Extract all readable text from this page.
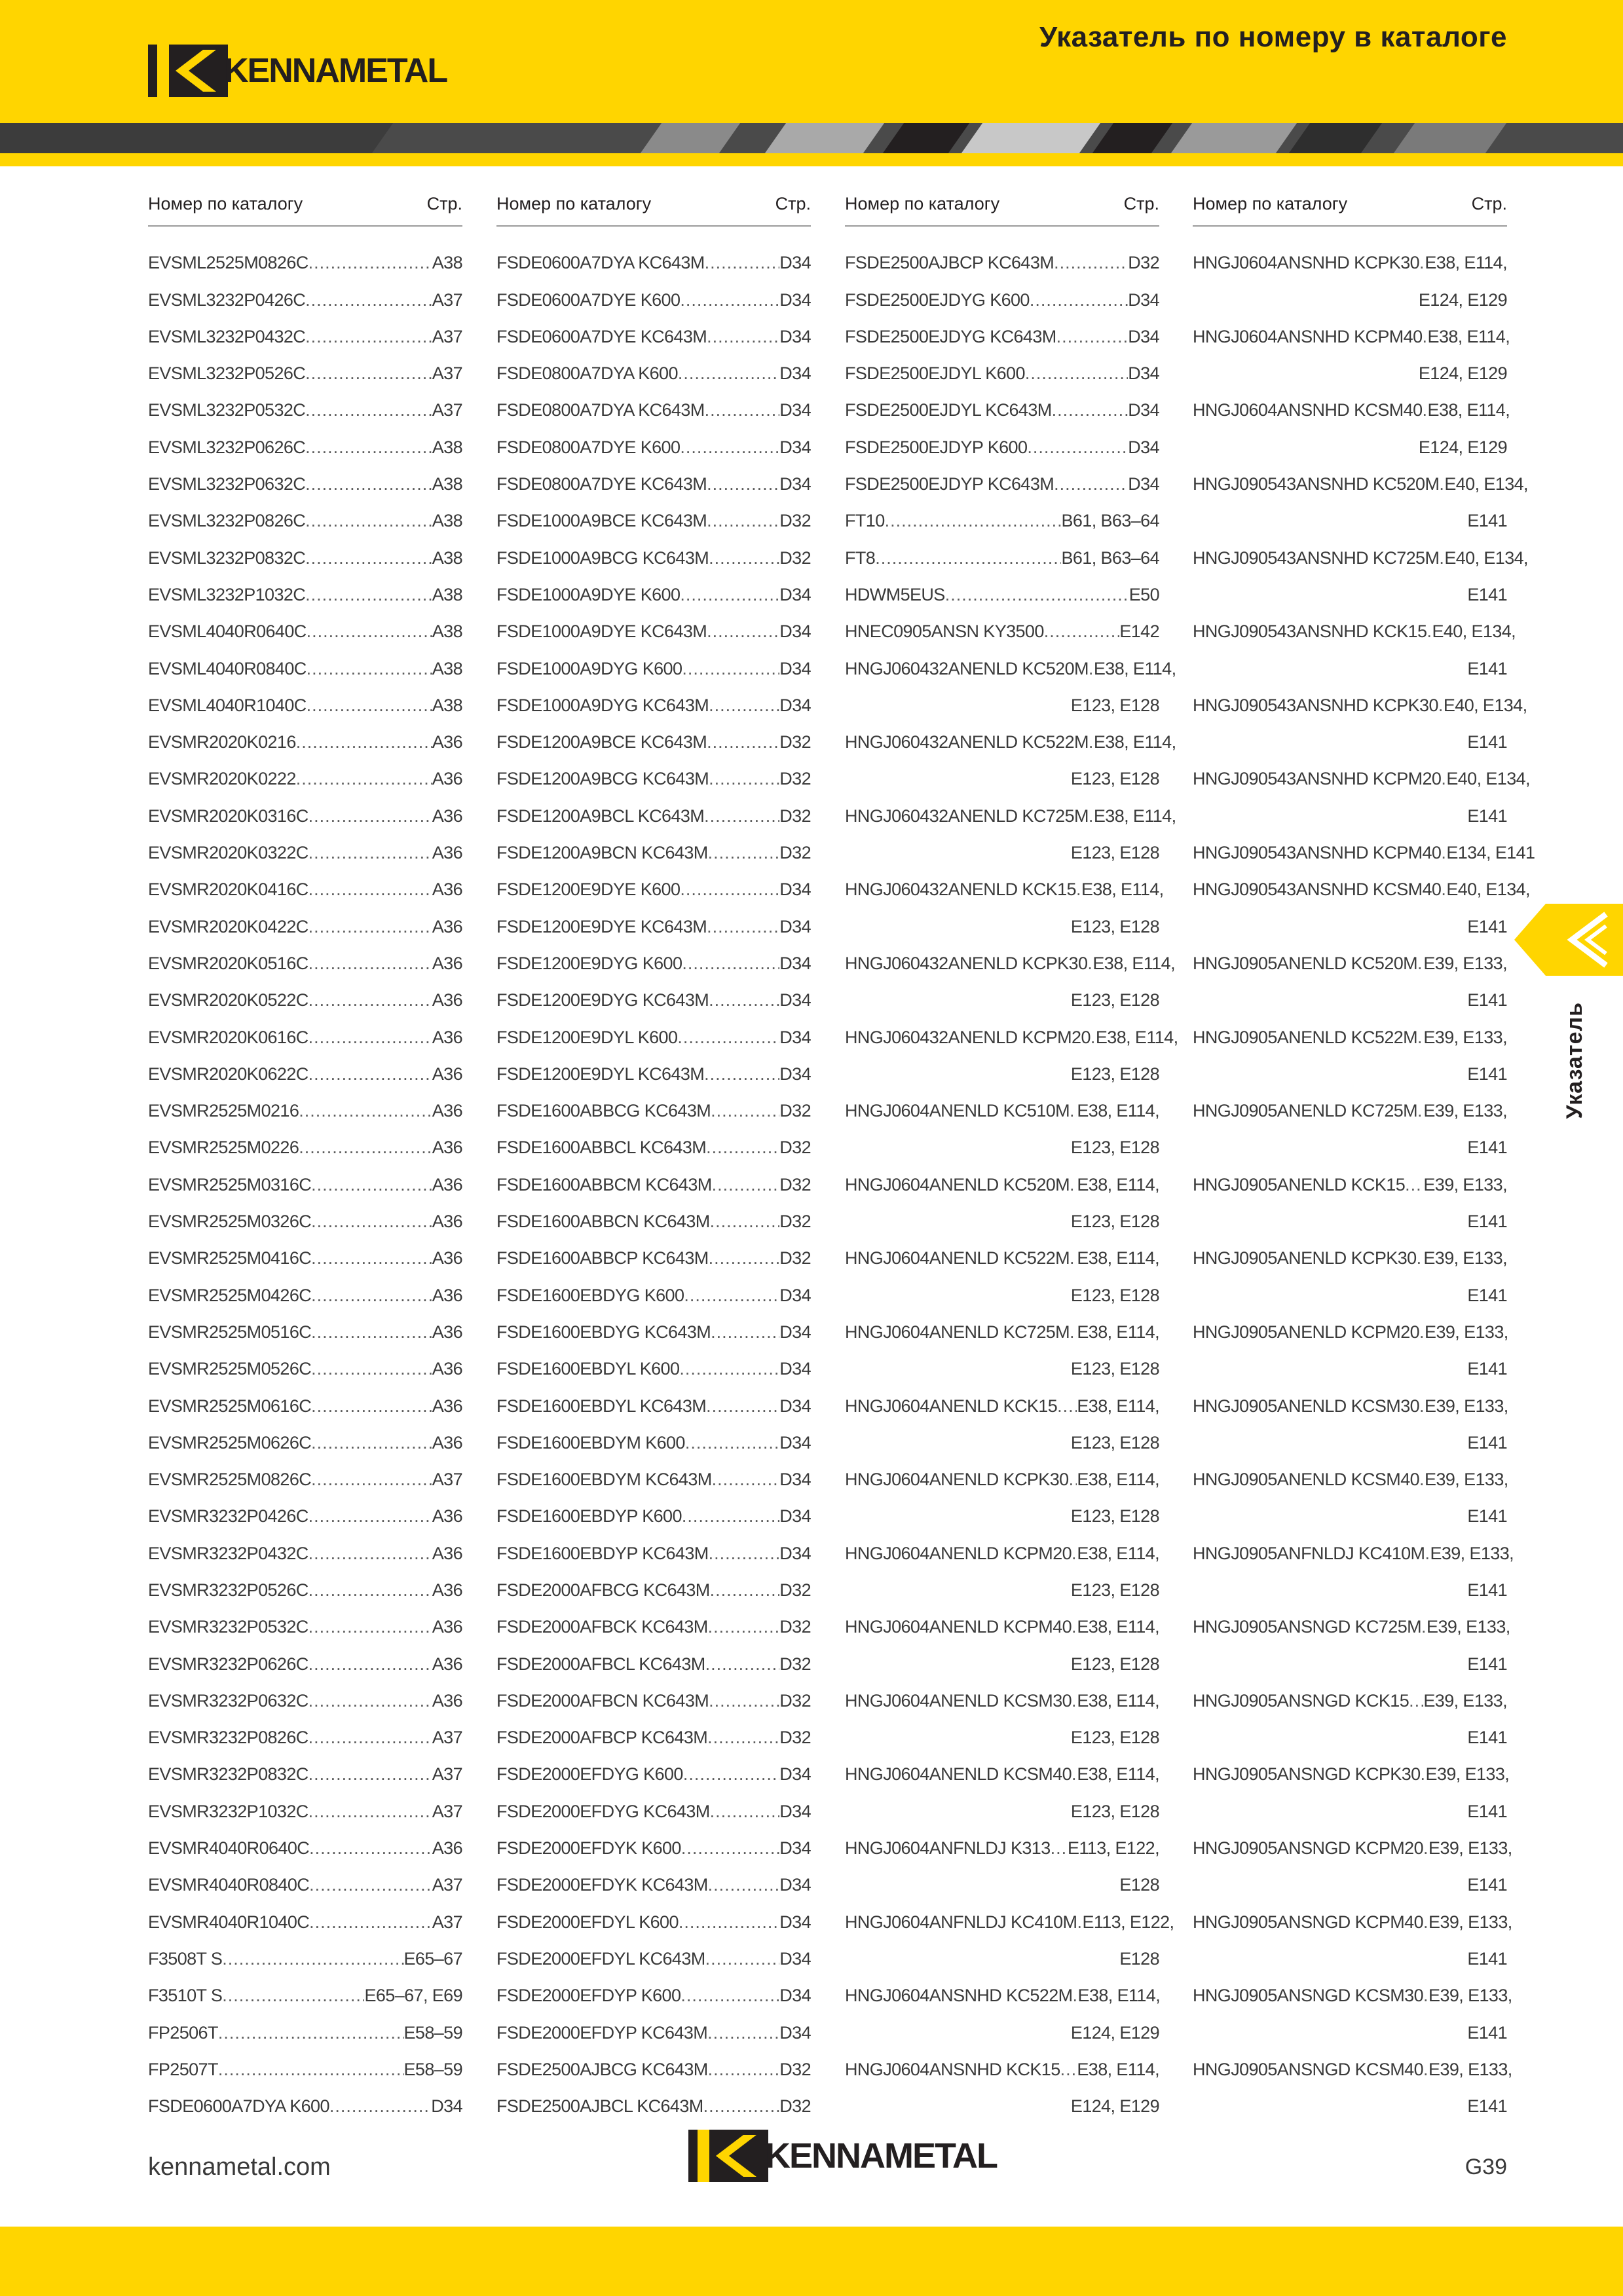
KENNAMETAL
Указатель по номеру в каталоге
Номер по каталогу	Стр.
EVSML2525M0826C .....	A38
EVSML3232P0426C .....	A37
EVSML3232P0432C .....	A37
EVSML3232P0526C .....	A37
EVSML3232P0532C .....	A37
EVSML3232P0626C .....	A38
EVSML3232P0632C .....	A38
EVSML3232P0826C .....	A38
EVSML3232P0832C .....	A38
EVSML3232P1032C .....	A38
EVSML4040R0640C .....	A38
EVSML4040R0840C .....	A38
EVSML4040R1040C .....	A38
EVSMR2020K0216 .....	A36
EVSMR2020K0222 .....	A36
EVSMR2020K0316C .....	A36
EVSMR2020K0322C .....	A36
EVSMR2020K0416C .....	A36
EVSMR2020K0422C .....	A36
EVSMR2020K0516C .....	A36
EVSMR2020K0522C .....	A36
EVSMR2020K0616C .....	A36
EVSMR2020K0622C .....	A36
EVSMR2525M0216 .....	A36
EVSMR2525M0226 .....	A36
EVSMR2525M0316C .....	A36
EVSMR2525M0326C .....	A36
EVSMR2525M0416C .....	A36
EVSMR2525M0426C .....	A36
EVSMR2525M0516C .....	A36
EVSMR2525M0526C .....	A36
EVSMR2525M0616C .....	A36
EVSMR2525M0626C .....	A36
EVSMR2525M0826C .....	A37
EVSMR3232P0426C .....	A36
EVSMR3232P0432C .....	A36
EVSMR3232P0526C .....	A36
EVSMR3232P0532C .....	A36
EVSMR3232P0626C .....	A36
EVSMR3232P0632C .....	A36
EVSMR3232P0826C .....	A37
EVSMR3232P0832C .....	A37
EVSMR3232P1032C .....	A37
EVSMR4040R0640C .....	A36
EVSMR4040R0840C .....	A37
EVSMR4040R1040C .....	A37
F3508T S .....	E65–67
F3510T S .....	E65–67, E69
FP2506T .....	E58–59
FP2507T .....	E58–59
FSDE0600A7DYA K600 .....	D34
Номер по каталогу	Стр.
FSDE0600A7DYA KC643M .....	D34
FSDE0600A7DYE K600 .....	D34
FSDE0600A7DYE KC643M .....	D34
FSDE0800A7DYA K600 .....	D34
FSDE0800A7DYA KC643M .....	D34
FSDE0800A7DYE K600 .....	D34
FSDE0800A7DYE KC643M .....	D34
FSDE1000A9BCE KC643M .....	D32
FSDE1000A9BCG KC643M .....	D32
FSDE1000A9DYE K600 .....	D34
FSDE1000A9DYE KC643M .....	D34
FSDE1000A9DYG K600 .....	D34
FSDE1000A9DYG KC643M .....	D34
FSDE1200A9BCE KC643M .....	D32
FSDE1200A9BCG KC643M .....	D32
FSDE1200A9BCL KC643M .....	D32
FSDE1200A9BCN KC643M .....	D32
FSDE1200E9DYE K600 .....	D34
FSDE1200E9DYE KC643M .....	D34
FSDE1200E9DYG K600 .....	D34
FSDE1200E9DYG KC643M .....	D34
FSDE1200E9DYL K600 .....	D34
FSDE1200E9DYL KC643M .....	D34
FSDE1600ABBCG KC643M .....	D32
FSDE1600ABBCL KC643M .....	D32
FSDE1600ABBCM KC643M .....	D32
FSDE1600ABBCN KC643M .....	D32
FSDE1600ABBCP KC643M .....	D32
FSDE1600EBDYG K600 .....	D34
FSDE1600EBDYG KC643M .....	D34
FSDE1600EBDYL K600 .....	D34
FSDE1600EBDYL KC643M .....	D34
FSDE1600EBDYM K600 .....	D34
FSDE1600EBDYM KC643M .....	D34
FSDE1600EBDYP K600 .....	D34
FSDE1600EBDYP KC643M .....	D34
FSDE2000AFBCG KC643M .....	D32
FSDE2000AFBCK KC643M .....	D32
FSDE2000AFBCL KC643M .....	D32
FSDE2000AFBCN KC643M .....	D32
FSDE2000AFBCP KC643M .....	D32
FSDE2000EFDYG K600 .....	D34
FSDE2000EFDYG KC643M .....	D34
FSDE2000EFDYK K600 .....	D34
FSDE2000EFDYK KC643M .....	D34
FSDE2000EFDYL K600 .....	D34
FSDE2000EFDYL KC643M .....	D34
FSDE2000EFDYP K600 .....	D34
FSDE2000EFDYP KC643M .....	D34
FSDE2500AJBCG KC643M .....	D32
FSDE2500AJBCL KC643M .....	D32
Номер по каталогу	Стр.
FSDE2500AJBCP KC643M .....	D32
FSDE2500EJDYG K600 .....	D34
FSDE2500EJDYG KC643M .....	D34
FSDE2500EJDYL K600 .....	D34
FSDE2500EJDYL KC643M .....	D34
FSDE2500EJDYP K600 .....	D34
FSDE2500EJDYP KC643M .....	D34
FT10 .....	B61, B63–64
FT8 .....	B61, B63–64
HDWM5EUS .....	E50
HNEC0905ANSN KY3500 .....	E142
HNGJ060432ANENLD KC520M ..... E38, E114,
E123, E128
HNGJ060432ANENLD KC522M ..... E38, E114,
E123, E128
HNGJ060432ANENLD KC725M ..... E38, E114,
E123, E128
HNGJ060432ANENLD KCK15 ..... E38, E114,
E123, E128
HNGJ060432ANENLD KCPK30 ..... E38, E114,
E123, E128
HNGJ060432ANENLD KCPM20 ..... E38, E114,
E123, E128
HNGJ0604ANENLD KC510M ..... E38, E114,
E123, E128
HNGJ0604ANENLD KC520M ..... E38, E114,
E123, E128
HNGJ0604ANENLD KC522M ..... E38, E114,
E123, E128
HNGJ0604ANENLD KC725M ..... E38, E114,
E123, E128
HNGJ0604ANENLD KCK15 ..... E38, E114,
E123, E128
HNGJ0604ANENLD KCPK30 ..... E38, E114,
E123, E128
HNGJ0604ANENLD KCPM20 ..... E38, E114,
E123, E128
HNGJ0604ANENLD KCPM40 ..... E38, E114,
E123, E128
HNGJ0604ANENLD KCSM30 ..... E38, E114,
E123, E128
HNGJ0604ANENLD KCSM40 ..... E38, E114,
E123, E128
HNGJ0604ANFNLDJ K313 ..... E113, E122,
E128
HNGJ0604ANFNLDJ KC410M ..... E113, E122,
E128
HNGJ0604ANSNHD KC522M ..... E38, E114,
E124, E129
HNGJ0604ANSNHD KCK15 ..... E38, E114,
E124, E129
Номер по каталогу	Стр.
HNGJ0604ANSNHD KCPK30 ..... E38, E114,
E124, E129
HNGJ0604ANSNHD KCPM40 ..... E38, E114,
E124, E129
HNGJ0604ANSNHD KCSM40 ..... E38, E114,
E124, E129
HNGJ090543ANSNHD KC520M ..... E40, E134,
E141
HNGJ090543ANSNHD KC725M ..... E40, E134,
E141
HNGJ090543ANSNHD KCK15 ..... E40, E134,
E141
HNGJ090543ANSNHD KCPK30 ..... E40, E134,
E141
HNGJ090543ANSNHD KCPM20 ..... E40, E134,
E141
HNGJ090543ANSNHD KCPM40 ..... E134, E141
HNGJ090543ANSNHD KCSM40 ..... E40, E134,
E141
HNGJ0905ANENLD KC520M ..... E39, E133,
E141
HNGJ0905ANENLD KC522M ..... E39, E133,
E141
HNGJ0905ANENLD KC725M ..... E39, E133,
E141
HNGJ0905ANENLD KCK15 ..... E39, E133,
E141
HNGJ0905ANENLD KCPK30 ..... E39, E133,
E141
HNGJ0905ANENLD KCPM20 ..... E39, E133,
E141
HNGJ0905ANENLD KCSM30 ..... E39, E133,
E141
HNGJ0905ANENLD KCSM40 ..... E39, E133,
E141
HNGJ0905ANFNLDJ KC410M ..... E39, E133,
E141
HNGJ0905ANSNGD KC725M ..... E39, E133,
E141
HNGJ0905ANSNGD KCK15 ..... E39, E133,
E141
HNGJ0905ANSNGD KCPK30 ..... E39, E133,
E141
HNGJ0905ANSNGD KCPM20 ..... E39, E133,
E141
HNGJ0905ANSNGD KCPM40 ..... E39, E133,
E141
HNGJ0905ANSNGD KCSM30 ..... E39, E133,
E141
HNGJ0905ANSNGD KCSM40 ..... E39, E133,
E141
Указатель
kennametal.com	KENNAMETAL	G39
